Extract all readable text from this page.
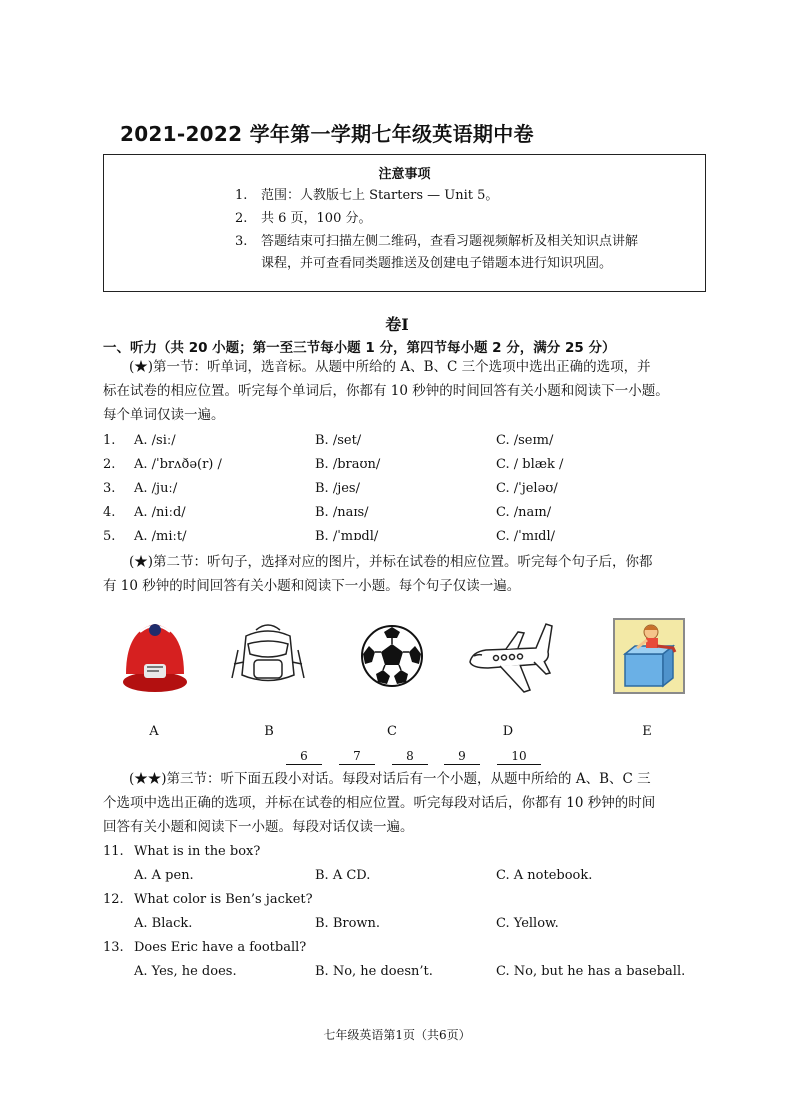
2021-2022 学年第一学期七年级英语期中卷
注意事项
1. 范围：人教版七上 Starters — Unit 5。
2. 共 6 页，100 分。
3. 答题结束可扫描左侧二维码，查看习题视频解析及相关知识点讲解
课程，并可查看同类题推送及创建电子错题本进行知识巩固。
卷Ⅰ
一、听力（共 20 小题；第一至三节每小题 1 分，第四节每小题 2 分，满分 25 分）
(★)第一节：听单词，选音标。从题中所给的 A、B、C 三个选项中选出正确的选项，并
标在试卷的相应位置。听完每个单词后，你都有 10 秒钟的时间回答有关小题和阅读下一小题。
每个单词仅读一遍。
1. A. /siː/	B. /set/	C. /seɪm/
2. A. /ˈbrʌðə(r) /	B. /braʊn/	C. / blæk /
3. A. /juː/	B. /jes/	C. /ˈjeləʊ/
4. A. /niːd/	B. /naɪs/	C. /naɪn/
5. A. /miːt/	B. /ˈmɒdl/	C. /ˈmɪdl/
(★)第二节：听句子，选择对应的图片，并标在试卷的相应位置。听完每个句子后，你都
有 10 秒钟的时间回答有关小题和阅读下一小题。每个句子仅读一遍。
A	B	C	D	E
6	7	8	9	10
(★★)第三节：听下面五段小对话。每段对话后有一个小题，从题中所给的 A、B、C 三
个选项中选出正确的选项，并标在试卷的相应位置。听完每段对话后，你都有 10 秒钟的时间
回答有关小题和阅读下一小题。每段对话仅读一遍。
11. What is in the box?
A. A pen.	B. A CD.	C. A notebook.
12. What color is Ben’s jacket?
A. Black.	B. Brown.	C. Yellow.
13. Does Eric have a football?
A. Yes, he does.	B. No, he doesn’t.	C. No, but he has a baseball.
七年级英语第1页（共6页）
